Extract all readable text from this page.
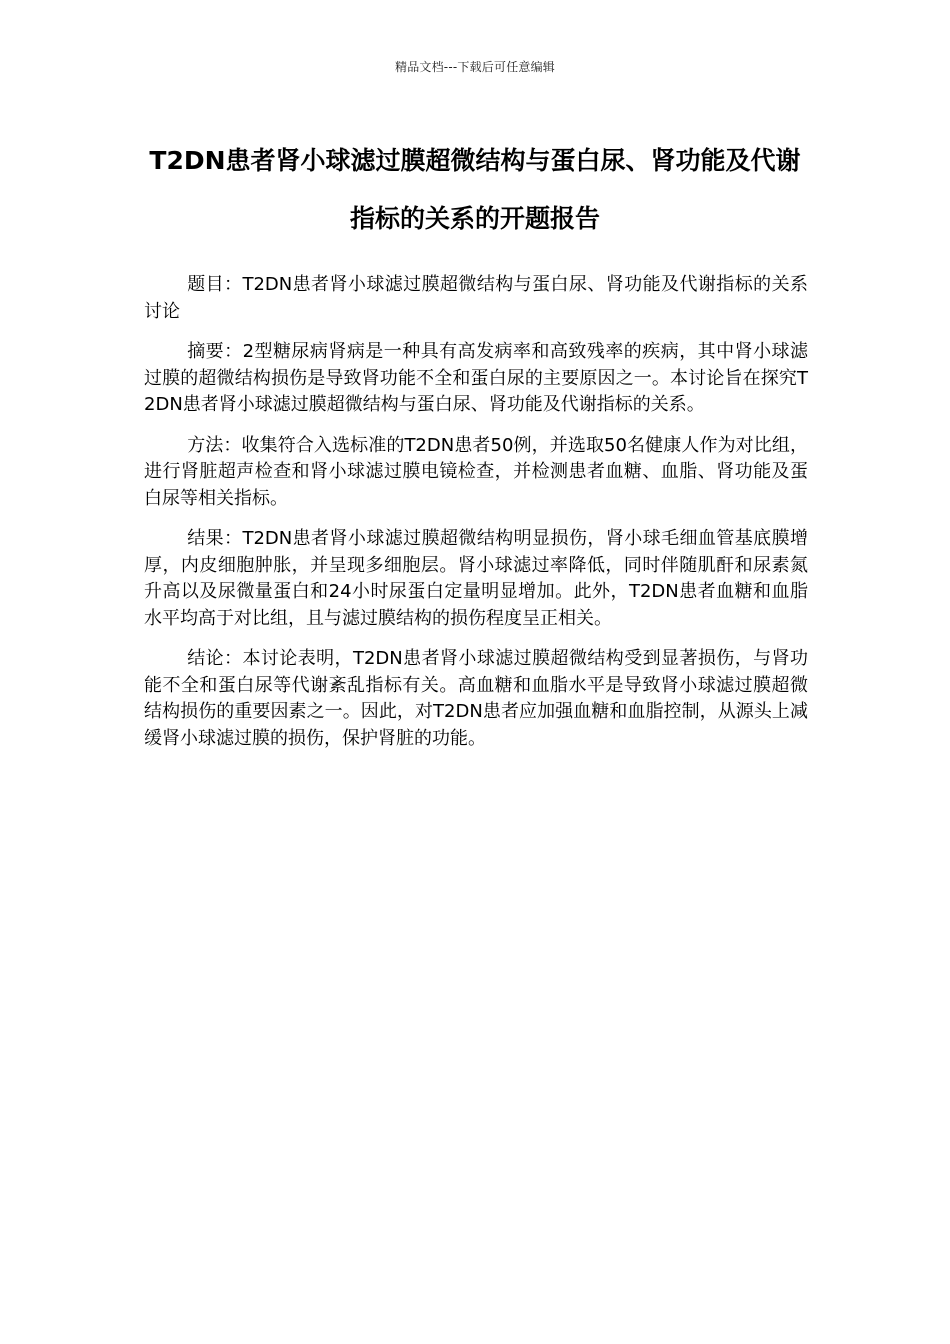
精品文档---下载后可任意编辑
T2DN患者肾小球滤过膜超微结构与蛋白尿、肾功能及代谢指标的关系的开题报告

题目：T2DN患者肾小球滤过膜超微结构与蛋白尿、肾功能及代谢指标的关系讨论

摘要：2型糖尿病肾病是一种具有高发病率和高致残率的疾病，其中肾小球滤过膜的超微结构损伤是导致肾功能不全和蛋白尿的主要原因之一。本讨论旨在探究T2DN患者肾小球滤过膜超微结构与蛋白尿、肾功能及代谢指标的关系。

方法：收集符合入选标准的T2DN患者50例，并选取50名健康人作为对比组，进行肾脏超声检查和肾小球滤过膜电镜检查，并检测患者血糖、血脂、肾功能及蛋白尿等相关指标。

结果：T2DN患者肾小球滤过膜超微结构明显损伤，肾小球毛细血管基底膜增厚，内皮细胞肿胀，并呈现多细胞层。肾小球滤过率降低，同时伴随肌酐和尿素氮升高以及尿微量蛋白和24小时尿蛋白定量明显增加。此外，T2DN患者血糖和血脂水平均高于对比组，且与滤过膜结构的损伤程度呈正相关。

结论：本讨论表明，T2DN患者肾小球滤过膜超微结构受到显著损伤，与肾功能不全和蛋白尿等代谢紊乱指标有关。高血糖和血脂水平是导致肾小球滤过膜超微结构损伤的重要因素之一。因此，对T2DN患者应加强血糖和血脂控制，从源头上减缓肾小球滤过膜的损伤，保护肾脏的功能。
